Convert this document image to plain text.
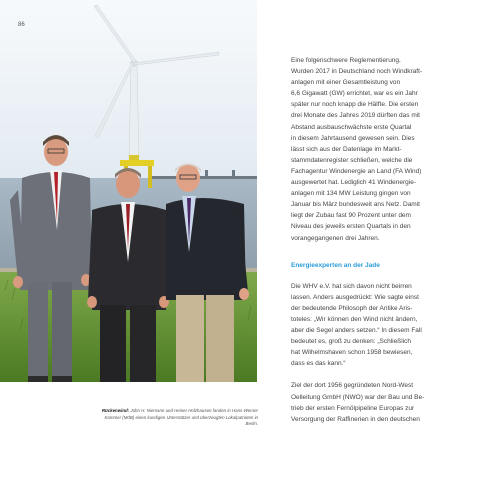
86
Rückenwind: John H. Niemann und Heiner Holzhausen fanden in Hans-Werner Kammer (MdB) einen kundigen Unterstützer und überzeugten Lokalpatrioten in Berlin.

Eine folgenschwere Reglementierung.
Wurden 2017 in Deutschland noch Windkraft-
anlagen mit einer Gesamtleistung von
6,6 Gigawatt (GW) errichtet, war es ein Jahr
später nur noch knapp die Hälfte. Die ersten
drei Monate des Jahres 2019 dürften das mit
Abstand ausbauschwächste erste Quartal
in diesem Jahrtausend gewesen sein. Dies
lässt sich aus der Datenlage im Markt-
stammdatenregister schließen, welche die
Fachagentur Windenergie an Land (FA Wind)
ausgewertet hat. Lediglich 41 Windenergie-
anlagen mit 134 MW Leistung gingen von
Januar bis März bundesweit ans Netz. Damit
liegt der Zubau fast 90 Prozent unter dem
Niveau des jeweils ersten Quartals in den
vorangegangenen drei Jahren.

Energieexperten an der Jade

Die WHV e.V. hat sich davon nicht beirren
lassen. Anders ausgedrückt: Wie sagte einst
der bedeutende Philosoph der Antike Aris-
toteles: „Wir können den Wind nicht ändern,
aber die Segel anders setzen.“ In diesem Fall
bedeutet es, groß zu denken: „Schließlich
hat Wilhelmshaven schon 1958 bewiesen,
dass es das kann.“

Ziel der dort 1956 gegründeten Nord-West
Oelleitung GmbH (NWO) war der Bau und Be-
trieb der ersten Fernölpipeline Europas zur
Versorgung der Raffinerien in den deutschen
